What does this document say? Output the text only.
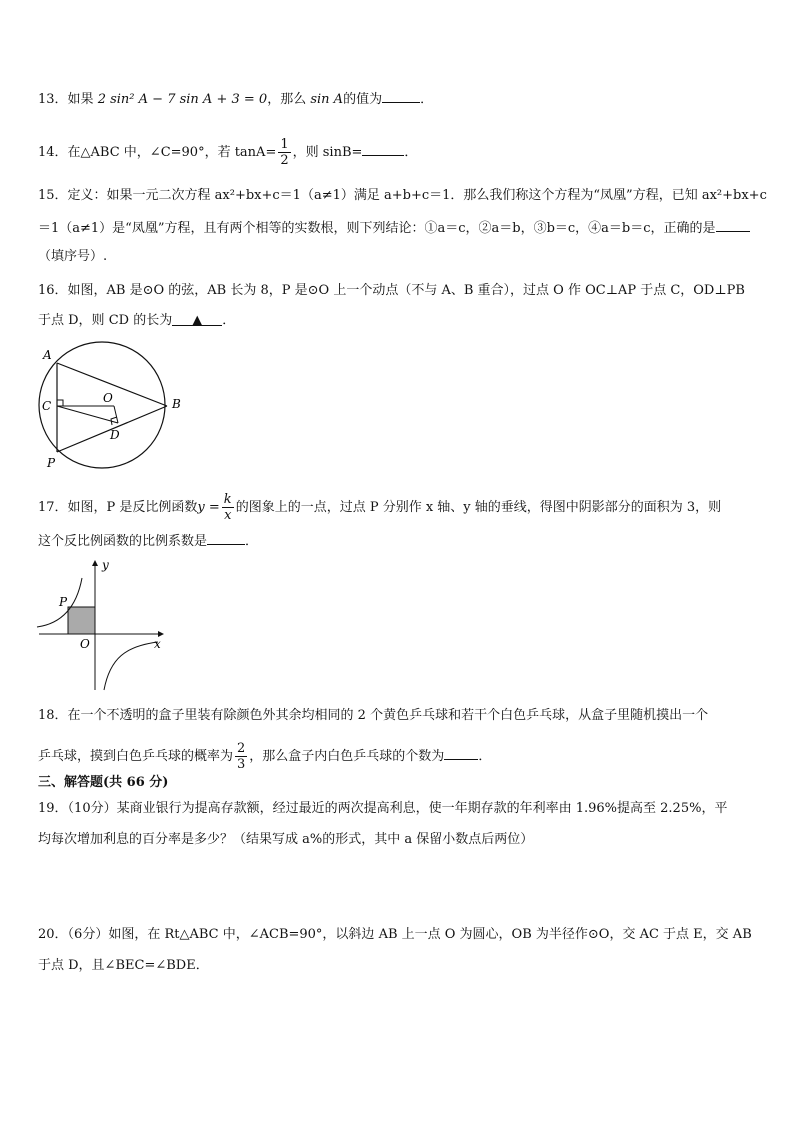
13．如果 2 sin² A − 7 sin A + 3 = 0，那么 sin A的值为	．
14．在△ABC 中，∠C=90°，若 $\tan A= \frac{1}{2}$ ，则 sinB=	．
15．定义：如果一元二次方程 ax²+bx+c＝1（a≠1）满足 a+b+c＝1．那么我们称这个方程为“凤凰”方程，已知 ax²+bx+c
＝1（a≠1）是“凤凰”方程，且有两个相等的实数根，则下列结论：①a＝c，②a＝b，③b＝c，④a＝b＝c，正确的是
（填序号）.
16．如图，AB 是⊙O 的弦，AB 长为 8，P 是⊙O 上一个动点（不与 A、B 重合），过点 O 作 OC⊥AP 于点 C，OD⊥PB
于点 D，则 CD 的长为 ▲ ．
A
B
C
O
D
P
17．如图，P 是反比例函数$y = \frac{k}{x}$ 的图象上的一点，过点 P 分别作 x 轴、y 轴的垂线，得图中阴影部分的面积为 3，则
这个反比例函数的比例系数是	．
y
x
O
P
18．在一个不透明的盒子里装有除颜色外其余均相同的 2 个黄色乒乓球和若干个白色乒乓球，从盒子里随机摸出一个
乒乓球，摸到白色乒乓球的概率为 $\frac{2}{3}$ ，那么盒子内白色乒乓球的个数为	．
三、解答题(共 66 分)
19．（10分）某商业银行为提高存款额，经过最近的两次提高利息，使一年期存款的年利率由 1.96%提高至 2.25%，平
均每次增加利息的百分率是多少？（结果写成 a%的形式，其中 a 保留小数点后两位）
20．（6分）如图，在 Rt△ABC 中，∠ACB=90°，以斜边 AB 上一点 O 为圆心，OB 为半径作⊙O，交 AC 于点 E，交 AB
于点 D，且∠BEC=∠BDE．
